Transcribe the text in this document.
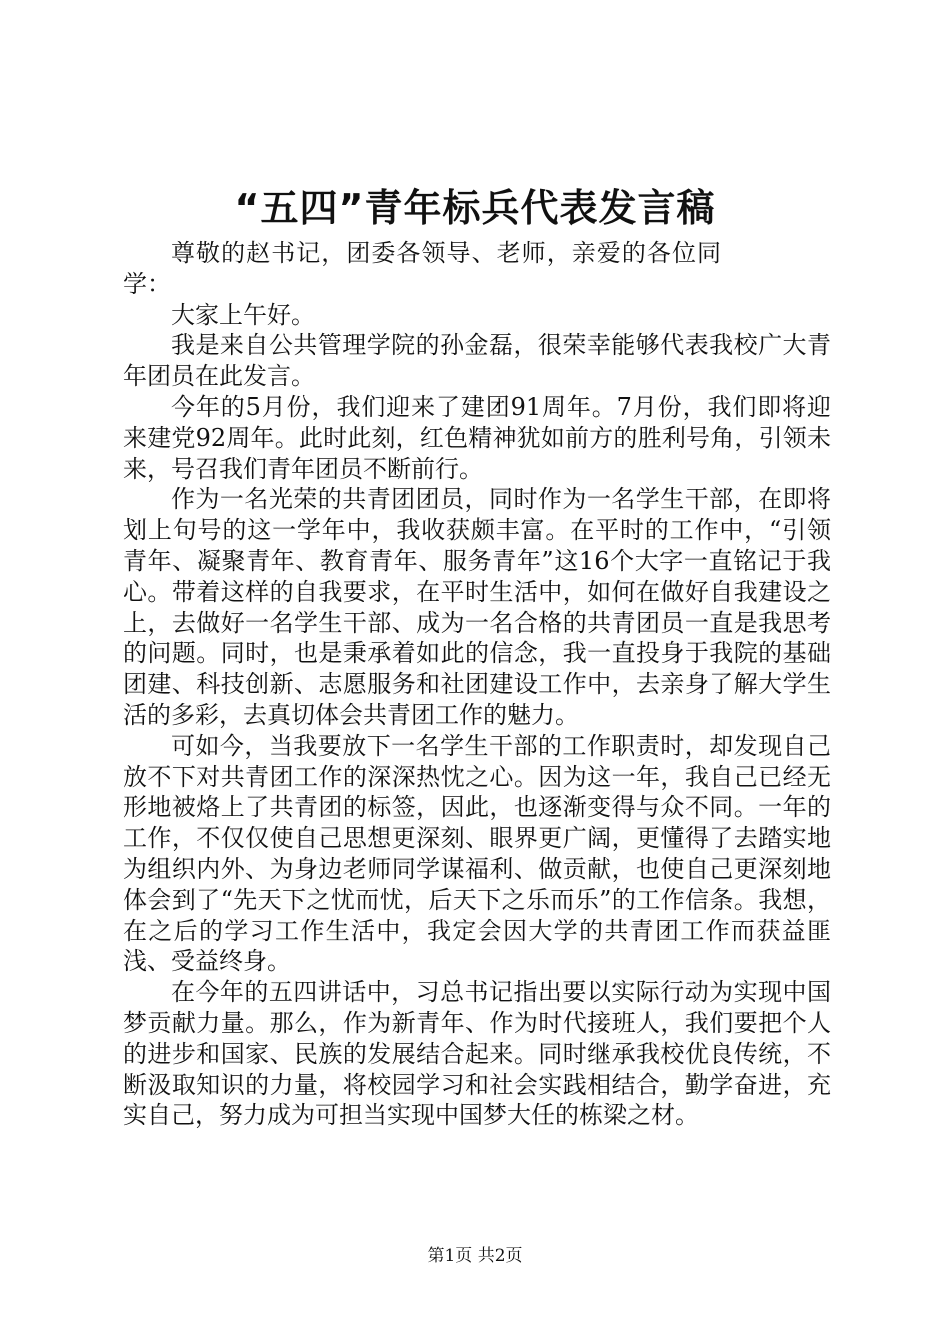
“五四”青年标兵代表发言稿

尊敬的赵书记，团委各领导、老师，亲爱的各位同学：

大家上午好。

我是来自公共管理学院的孙金磊，很荣幸能够代表我校广大青年团员在此发言。

今年的5月份，我们迎来了建团91周年。7月份，我们即将迎来建党92周年。此时此刻，红色精神犹如前方的胜利号角，引领未来，号召我们青年团员不断前行。

作为一名光荣的共青团团员，同时作为一名学生干部，在即将划上句号的这一学年中，我收获颇丰富。在平时的工作中，“引领青年、凝聚青年、教育青年、服务青年”这16个大字一直铭记于我心。带着这样的自我要求，在平时生活中，如何在做好自我建设之上，去做好一名学生干部、成为一名合格的共青团员一直是我思考的问题。同时，也是秉承着如此的信念，我一直投身于我院的基础团建、科技创新、志愿服务和社团建设工作中，去亲身了解大学生活的多彩，去真切体会共青团工作的魅力。

可如今，当我要放下一名学生干部的工作职责时，却发现自己放不下对共青团工作的深深热忱之心。因为这一年，我自己已经无形地被烙上了共青团的标签，因此，也逐渐变得与众不同。一年的工作，不仅仅使自己思想更深刻、眼界更广阔，更懂得了去踏实地为组织内外、为身边老师同学谋福利、做贡献，也使自己更深刻地体会到了“先天下之忧而忧，后天下之乐而乐”的工作信条。我想，在之后的学习工作生活中，我定会因大学的共青团工作而获益匪浅、受益终身。

在今年的五四讲话中，习总书记指出要以实际行动为实现中国梦贡献力量。那么，作为新青年、作为时代接班人，我们要把个人的进步和国家、民族的发展结合起来。同时继承我校优良传统，不断汲取知识的力量，将校园学习和社会实践相结合，勤学奋进，充实自己，努力成为可担当实现中国梦大任的栋梁之材。

第1页 共2页
